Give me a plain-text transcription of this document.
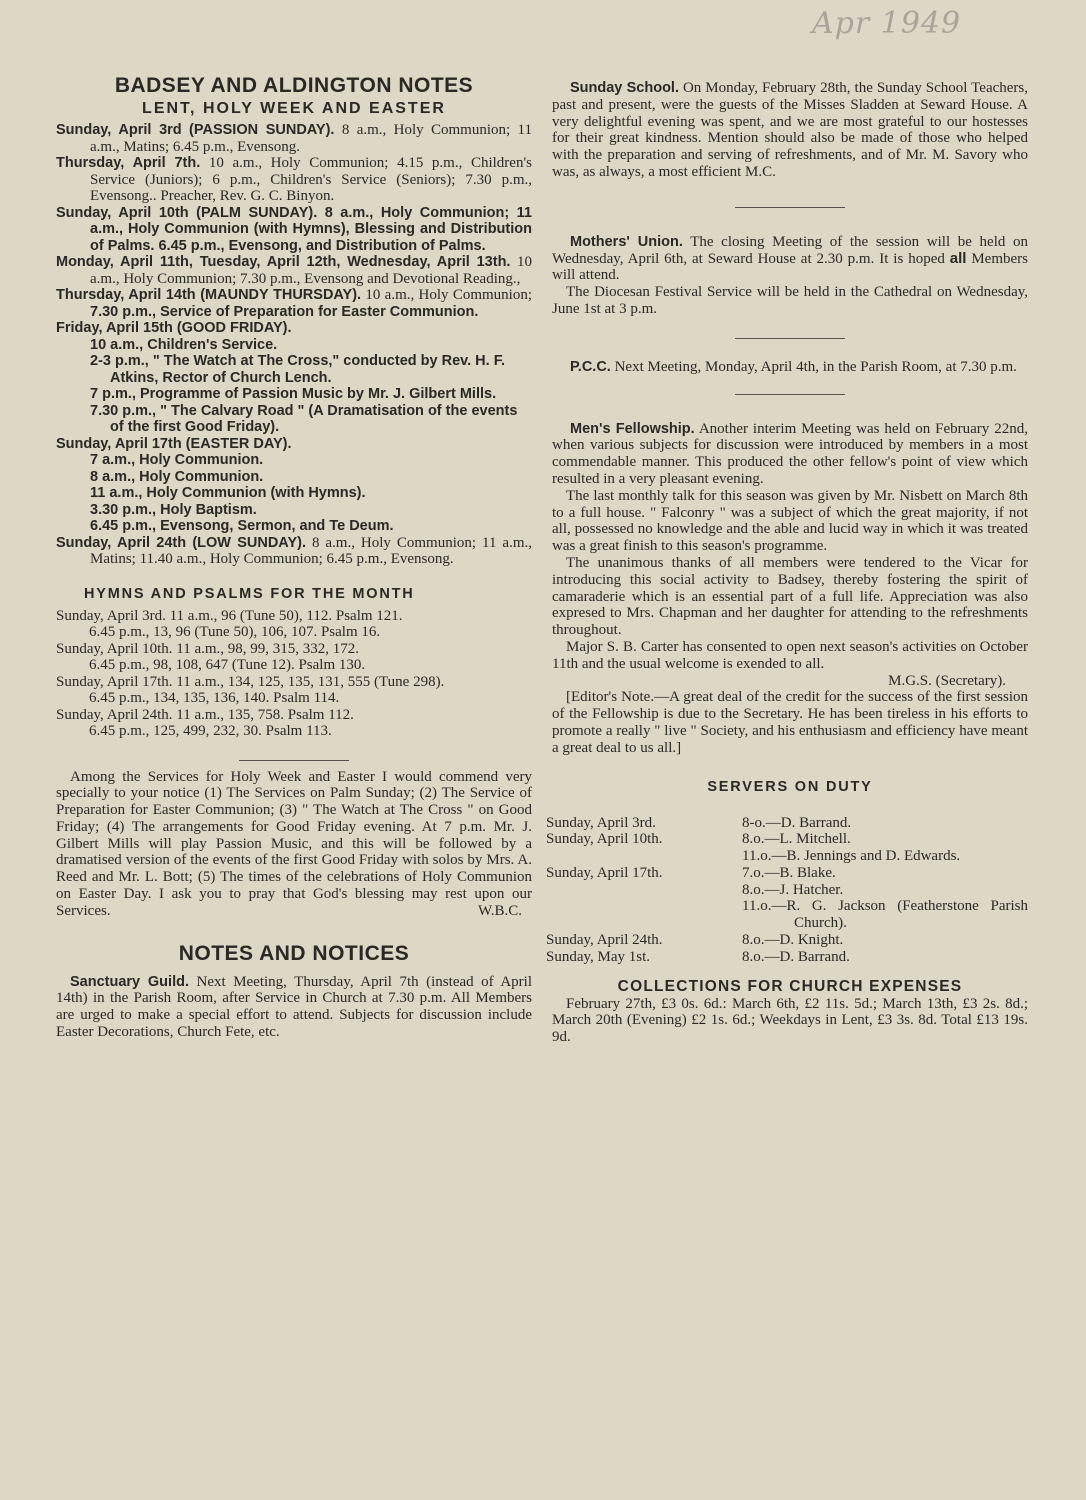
Apr 1949
BADSEY AND ALDINGTON NOTES
LENT, HOLY WEEK AND EASTER

Sunday, April 3rd (PASSION SUNDAY). 8 a.m., Holy Communion; 11 a.m., Matins; 6.45 p.m., Evensong.

Thursday, April 7th. 10 a.m., Holy Communion; 4.15 p.m., Children's Service (Juniors); 6 p.m., Children's Service (Seniors); 7.30 p.m., Evensong.. Preacher, Rev. G. C. Binyon.

Sunday, April 10th (PALM SUNDAY). 8 a.m., Holy Communion; 11 a.m., Holy Communion (with Hymns), Blessing and Distribution of Palms. 6.45 p.m., Evensong, and Distribution of Palms.

Monday, April 11th, Tuesday, April 12th, Wednesday, April 13th. 10 a.m., Holy Communion; 7.30 p.m., Evensong and Devotional Reading.,

Thursday, April 14th (MAUNDY THURSDAY). 10 a.m., Holy Communion; 7.30 p.m., Service of Preparation for Easter Communion.

Friday, April 15th (GOOD FRIDAY).

10 a.m., Children's Service.

2-3 p.m., " The Watch at The Cross," conducted by Rev. H. F. Atkins, Rector of Church Lench.

7 p.m., Programme of Passion Music by Mr. J. Gilbert Mills.

7.30 p.m., " The Calvary Road " (A Dramatisation of the events of the first Good Friday).

Sunday, April 17th (EASTER DAY).

7 a.m., Holy Communion.

8 a.m., Holy Communion.

11 a.m., Holy Communion (with Hymns).

3.30 p.m., Holy Baptism.

6.45 p.m., Evensong, Sermon, and Te Deum.

Sunday, April 24th (LOW SUNDAY). 8 a.m., Holy Communion; 11 a.m., Matins; 11.40 a.m., Holy Communion; 6.45 p.m., Evensong.

HYMNS AND PSALMS FOR THE MONTH

Sunday, April 3rd. 11 a.m., 96 (Tune 50), 112. Psalm 121.

6.45 p.m., 13, 96 (Tune 50), 106, 107. Psalm 16.

Sunday, April 10th. 11 a.m., 98, 99, 315, 332, 172.

6.45 p.m., 98, 108, 647 (Tune 12). Psalm 130.

Sunday, April 17th. 11 a.m., 134, 125, 135, 131, 555 (Tune 298).

6.45 p.m., 134, 135, 136, 140. Psalm 114.

Sunday, April 24th. 11 a.m., 135, 758. Psalm 112.

6.45 p.m., 125, 499, 232, 30. Psalm 113.

Among the Services for Holy Week and Easter I would commend very specially to your notice (1) The Services on Palm Sunday; (2) The Service of Preparation for Easter Communion; (3) " The Watch at The Cross " on Good Friday; (4) The arrangements for Good Friday evening. At 7 p.m. Mr. J. Gilbert Mills will play Passion Music, and this will be followed by a dramatised version of the events of the first Good Friday with solos by Mrs. A. Reed and Mr. L. Bott; (5) The times of the celebrations of Holy Communion on Easter Day. I ask you to pray that God's blessing may rest upon our Services.	W.B.C.

NOTES AND NOTICES

Sanctuary Guild. Next Meeting, Thursday, April 7th (instead of April 14th) in the Parish Room, after Service in Church at 7.30 p.m. All Members are urged to make a special effort to attend. Subjects for discussion include Easter Decorations, Church Fete, etc.

Sunday School. On Monday, February 28th, the Sunday School Teachers, past and present, were the guests of the Misses Sladden at Seward House. A very delightful evening was spent, and we are most grateful to our hostesses for their great kindness. Mention should also be made of those who helped with the preparation and serving of refreshments, and of Mr. M. Savory who was, as always, a most efficient M.C.

Mothers' Union. The closing Meeting of the session will be held on Wednesday, April 6th, at Seward House at 2.30 p.m. It is hoped all Members will attend.

The Diocesan Festival Service will be held in the Cathedral on Wednesday, June 1st at 3 p.m.

P.C.C. Next Meeting, Monday, April 4th, in the Parish Room, at 7.30 p.m.

Men's Fellowship. Another interim Meeting was held on February 22nd, when various subjects for discussion were introduced by members in a most commendable manner. This produced the other fellow's point of view which resulted in a very pleasant evening.

The last monthly talk for this season was given by Mr. Nisbett on March 8th to a full house. " Falconry " was a subject of which the great majority, if not all, possessed no knowledge and the able and lucid way in which it was treated was a great finish to this season's programme.

The unanimous thanks of all members were tendered to the Vicar for introducing this social activity to Badsey, thereby fostering the spirit of camaraderie which is an essential part of a full life. Appreciation was also expresed to Mrs. Chapman and her daughter for attending to the refreshments throughout.

Major S. B. Carter has consented to open next season's activities on October 11th and the usual welcome is exended to all.

M.G.S. (Secretary).

[Editor's Note.—A great deal of the credit for the success of the first session of the Fellowship is due to the Secretary. He has been tireless in his efforts to promote a really " live " Society, and his enthusiasm and efficiency have meant a great deal to us all.]

SERVERS ON DUTY
Sunday, April 3rd.	8-o.—D. Barrand.
Sunday, April 10th.	8.o.—L. Mitchell.
11.o.—B. Jennings and D. Edwards.
Sunday, April 17th.	7.o.—B. Blake.
8.o.—J. Hatcher.
11.o.—R. G. Jackson (Featherstone Parish Church).
Sunday, April 24th.	8.o.—D. Knight.
Sunday, May 1st.	8.o.—D. Barrand.
COLLECTIONS FOR CHURCH EXPENSES

February 27th, £3 0s. 6d.: March 6th, £2 11s. 5d.; March 13th, £3 2s. 8d.; March 20th (Evening) £2 1s. 6d.; Weekdays in Lent, £3 3s. 8d. Total £13 19s. 9d.
